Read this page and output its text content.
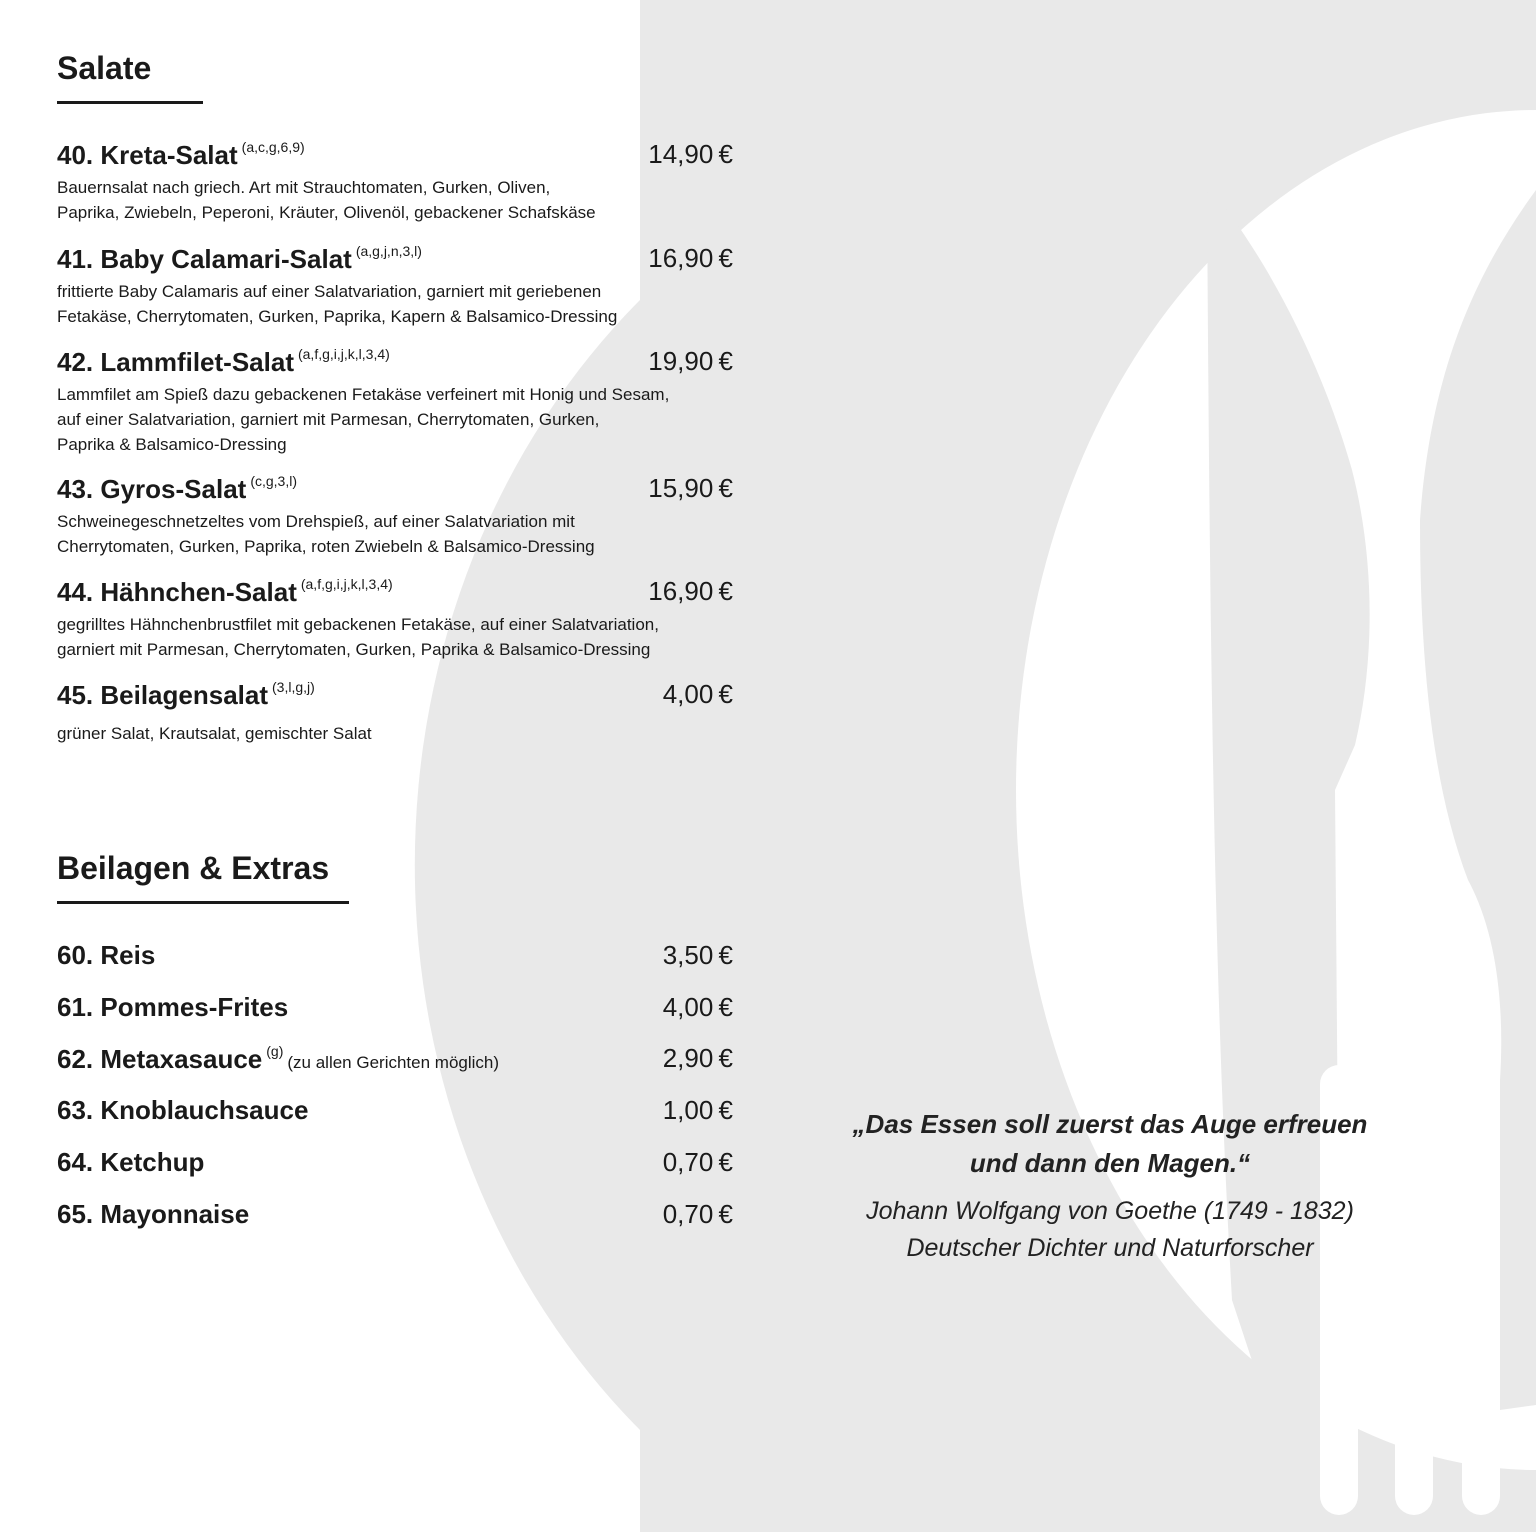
Salate
40. Kreta-Salat (a,c,g,6,9)	14,90 €
Bauernsalat nach griech. Art mit Strauchtomaten, Gurken, Oliven,
Paprika, Zwiebeln, Peperoni, Kräuter, Olivenöl, gebackener Schafskäse
41. Baby Calamari-Salat (a,g,j,n,3,l)	16,90 €
frittierte Baby Calamaris auf einer Salatvariation, garniert mit geriebenen
Fetakäse, Cherrytomaten, Gurken, Paprika, Kapern & Balsamico-Dressing
42. Lammfilet-Salat (a,f,g,i,j,k,l,3,4)	19,90 €
Lammfilet am Spieß dazu gebackenen Fetakäse verfeinert mit Honig und Sesam,
auf einer Salatvariation, garniert mit Parmesan, Cherrytomaten, Gurken,
Paprika & Balsamico-Dressing
43. Gyros-Salat (c,g,3,l)	15,90 €
Schweinegeschnetzeltes vom Drehspieß, auf einer Salatvariation mit
Cherrytomaten, Gurken, Paprika, roten Zwiebeln & Balsamico-Dressing
44. Hähnchen-Salat (a,f,g,i,j,k,l,3,4)	16,90 €
gegrilltes Hähnchenbrustfilet mit gebackenen Fetakäse, auf einer Salatvariation,
garniert mit Parmesan, Cherrytomaten, Gurken, Paprika & Balsamico-Dressing
45. Beilagensalat (3,l,g,j)	4,00 €
grüner Salat, Krautsalat, gemischter Salat
Beilagen & Extras
60. Reis	3,50 €
61. Pommes-Frites	4,00 €
62. Metaxasauce (g)(zu allen Gerichten möglich)	2,90 €
63. Knoblauchsauce	1,00 €
64. Ketchup	0,70 €
65. Mayonnaise	0,70 €
„Das Essen soll zuerst das Auge erfreuen
und dann den Magen.“
Johann Wolfgang von Goethe (1749 - 1832)
Deutscher Dichter und Naturforscher
